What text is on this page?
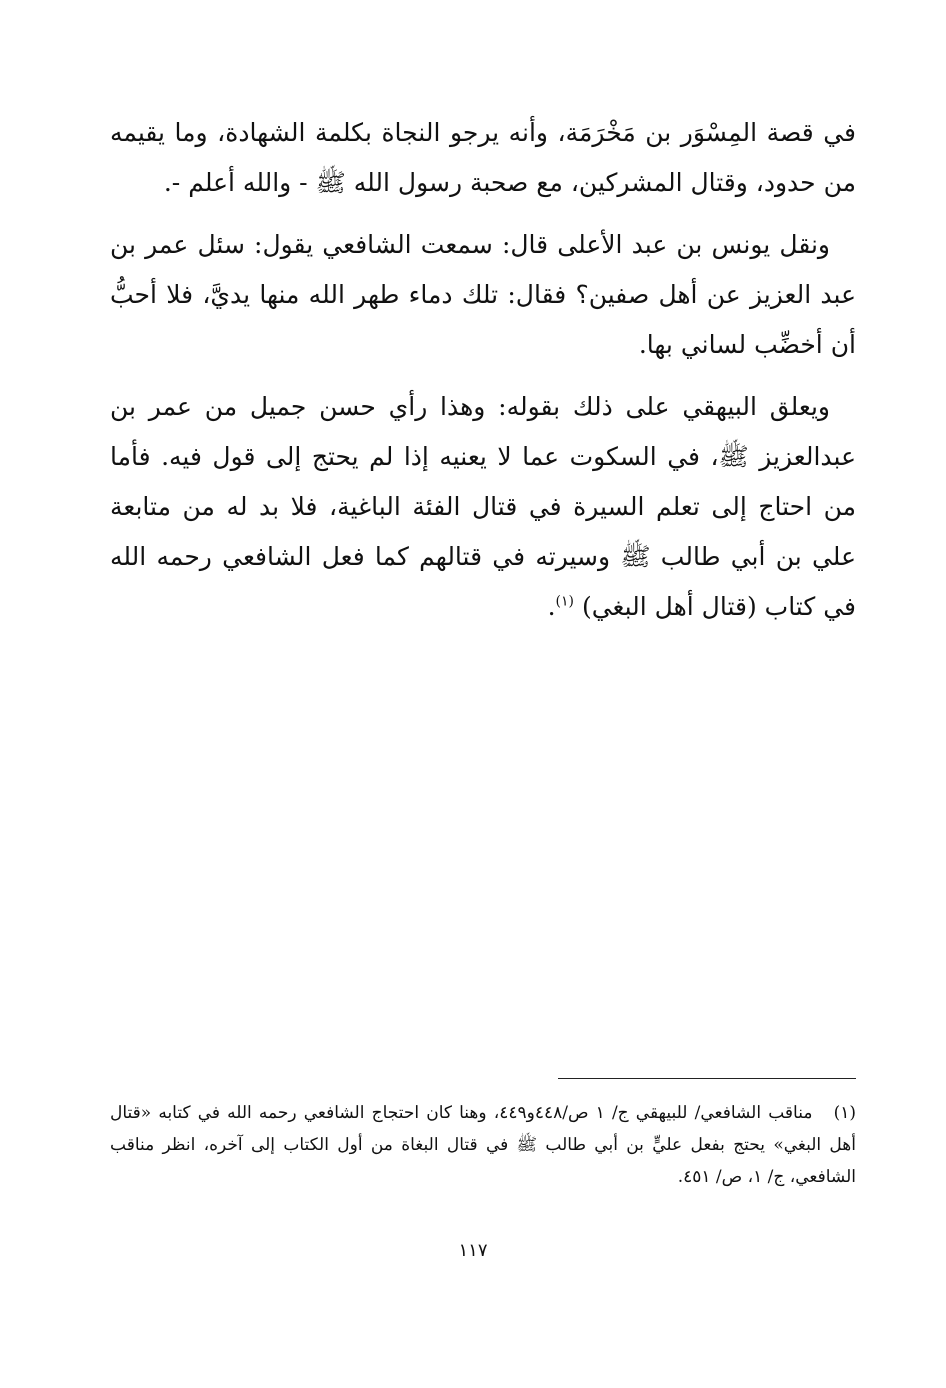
في قصة المِسْوَر بن مَخْرَمَة، وأنه يرجو النجاة بكلمة الشهادة، وما يقيمه من حدود، وقتال المشركين، مع صحبة رسول الله ﷺ - والله أعلم -.

ونقل يونس بن عبد الأعلى قال: سمعت الشافعي يقول: سئل عمر بن عبد العزيز عن أهل صفين؟ فقال: تلك دماء طهر الله منها يديَّ، فلا أحبُّ أن أخضِّب لساني بها.

ويعلق البيهقي على ذلك بقوله: وهذا رأي حسن جميل من عمر بن عبدالعزيز ﷺ، في السكوت عما لا يعنيه إذا لم يحتج إلى قول فيه. فأما من احتاج إلى تعلم السيرة في قتال الفئة الباغية، فلا بد له من متابعة علي بن أبي طالب ﷺ وسيرته في قتالهم كما فعل الشافعي رحمه الله في كتاب (قتال أهل البغي) $^{(١)}$.

(١) مناقب الشافعي/ للبيهقي ج/ ١ ص/٤٤٨و٤٤٩، وهنا كان احتجاج الشافعي رحمه الله في كتابه «قتال أهل البغي» يحتج بفعل عليٍّ بن أبي طالب ﷺ في قتال البغاة من أول الكتاب إلى آخره، انظر مناقب الشافعي، ج/ ١، ص/ ٤٥١.

١١٧
